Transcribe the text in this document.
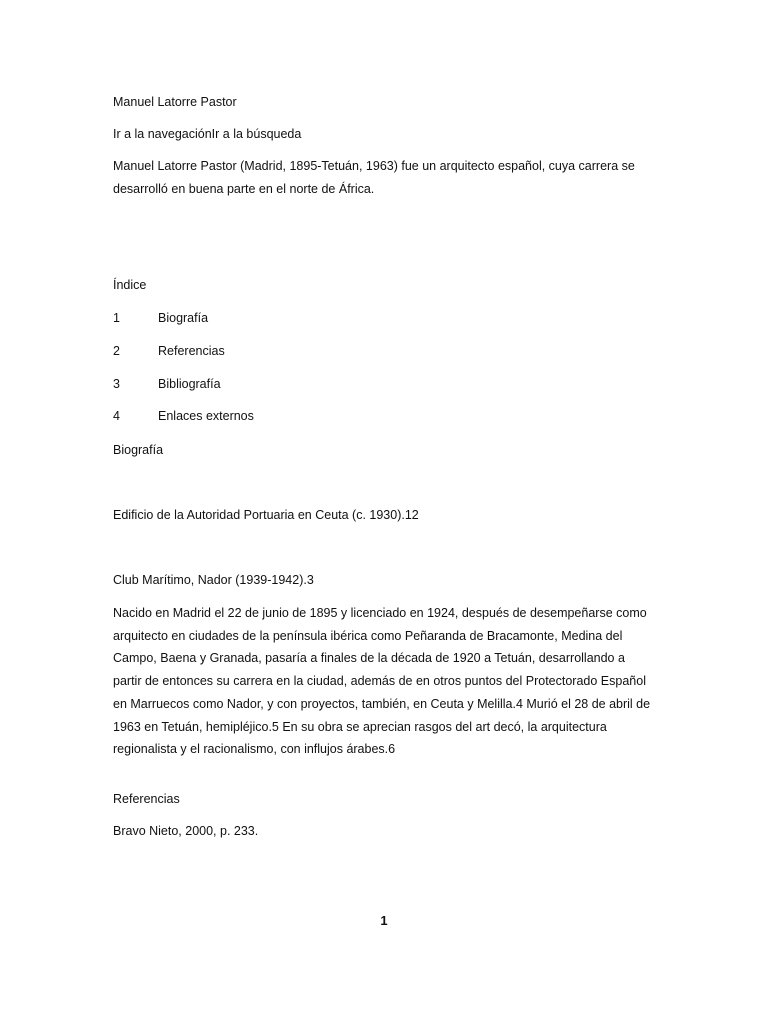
Manuel Latorre Pastor

Ir a la navegaciónIr a la búsqueda

Manuel Latorre Pastor (Madrid, 1895-Tetuán, 1963) fue un arquitecto español, cuya carrera se desarrolló en buena parte en el norte de África.

Índice

1	Biografía
2	Referencias
3	Bibliografía
4	Enlaces externos

Biografía

Edificio de la Autoridad Portuaria en Ceuta (c. 1930).12

Club Marítimo, Nador (1939-1942).3

Nacido en Madrid el 22 de junio de 1895 y licenciado en 1924, después de desempeñarse como arquitecto en ciudades de la península ibérica como Peñaranda de Bracamonte, Medina del Campo, Baena y Granada, pasaría a finales de la década de 1920 a Tetuán, desarrollando a partir de entonces su carrera en la ciudad, además de en otros puntos del Protectorado Español en Marruecos como Nador, y con proyectos, también, en Ceuta y Melilla.4 Murió el 28 de abril de 1963 en Tetuán, hemipléjico.5 En su obra se aprecian rasgos del art decó, la arquitectura regionalista y el racionalismo, con influjos árabes.6

Referencias

Bravo Nieto, 2000, p. 233.

1
